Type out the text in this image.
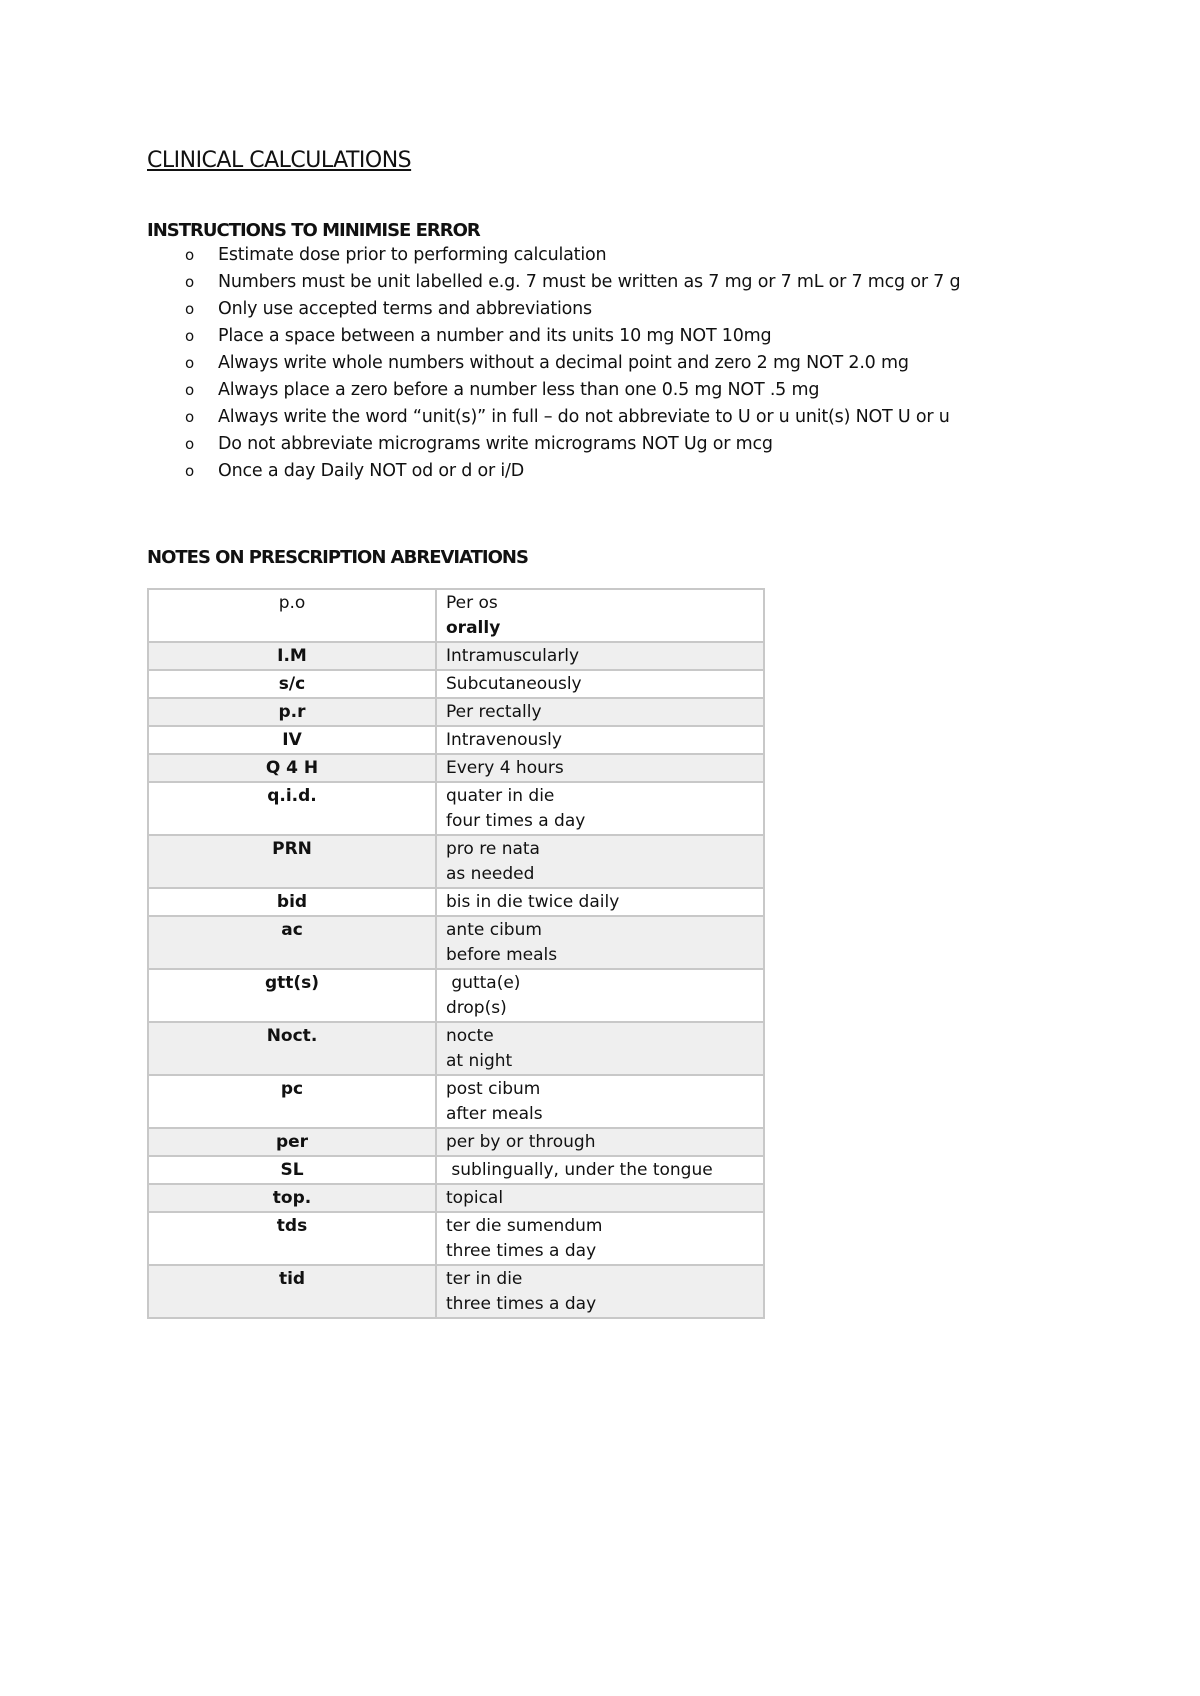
CLINICAL CALCULATIONS
INSTRUCTIONS TO MINIMISE ERROR
o	Estimate dose prior to performing calculation
o	Numbers must be unit labelled e.g. 7 must be written as 7 mg or 7 mL or 7 mcg or 7 g
o	Only use accepted terms and abbreviations
o	Place a space between a number and its units 10 mg NOT 10mg
o	Always write whole numbers without a decimal point and zero 2 mg NOT 2.0 mg
o	Always place a zero before a number less than one 0.5 mg NOT .5 mg
o	Always write the word “unit(s)” in full – do not abbreviate to U or u unit(s) NOT U or u
o	Do not abbreviate micrograms write micrograms NOT Ug or mcg
o	Once a day Daily NOT od or d or i/D
NOTES ON PRESCRIPTION ABREVIATIONS
p.o	Per os
orally

I.M	Intramuscularly

s/c	Subcutaneously

p.r	Per rectally

IV	Intravenously

Q 4 H	Every 4 hours

q.i.d.	quater in die
four times a day

PRN	pro re nata
as needed

bid	bis in die twice daily

ac	ante cibum
before meals

gtt(s)	gutta(e)
drop(s)

Noct.	nocte
at night

pc	post cibum
after meals

per	per by or through

SL	sublingually, under the tongue

top.	topical

tds	ter die sumendum
three times a day

tid	ter in die
three times a day
